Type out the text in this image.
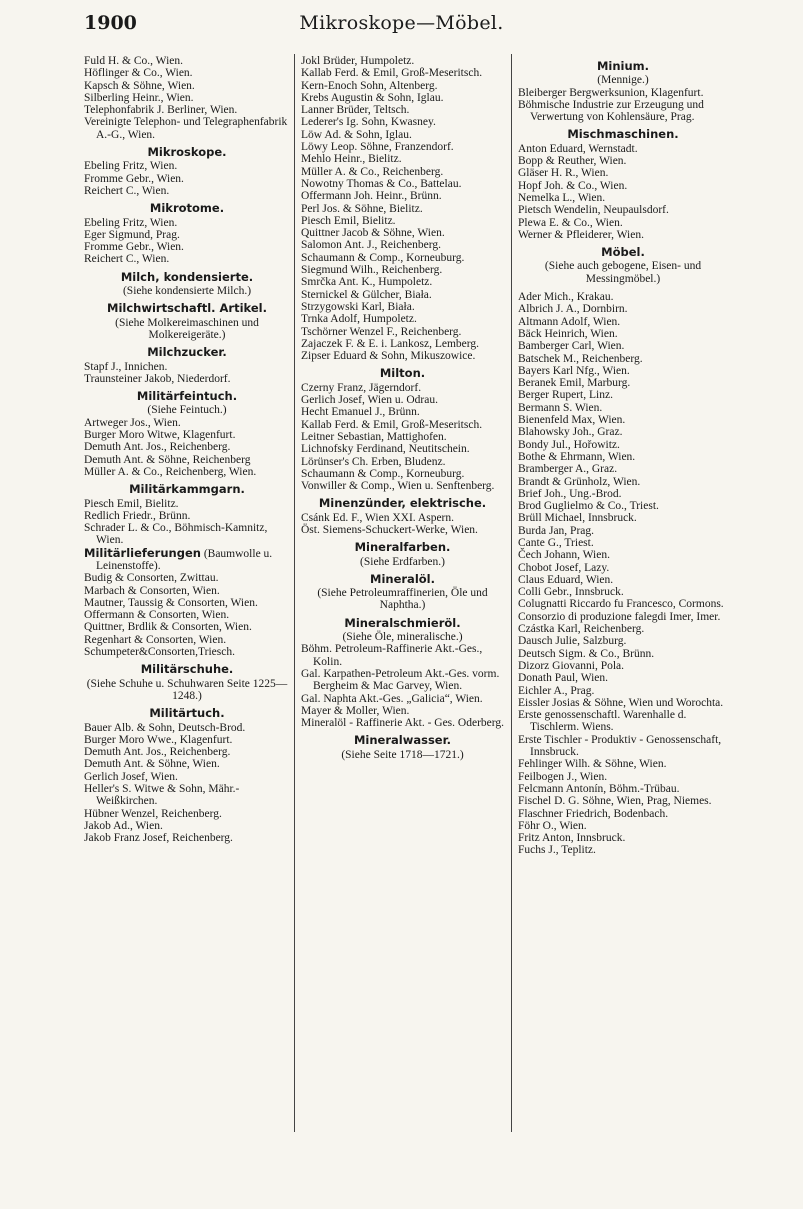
1900	Mikroskope—Möbel.
Fuld H. & Co., Wien.
Höflinger & Co., Wien.
Kapsch & Söhne, Wien.
Silberling Heinr., Wien.
Telephonfabrik J. Berliner, Wien.
Vereinigte Telephon- und Telegraphenfabrik A.-G., Wien.
Mikroskope.
Ebeling Fritz, Wien.
Fromme Gebr., Wien.
Reichert C., Wien.
Mikrotome.
Ebeling Fritz, Wien.
Eger Sigmund, Prag.
Fromme Gebr., Wien.
Reichert C., Wien.
Milch, kondensierte.
(Siehe kondensierte Milch.)
Milchwirtschaftl. Artikel.
(Siehe Molkereimaschinen und Molkereigeräte.)
Milchzucker.
Stapf J., Innichen.
Traunsteiner Jakob, Niederdorf.
Militärfeintuch.
(Siehe Feintuch.)
Artweger Jos., Wien.
Burger Moro Witwe, Klagenfurt.
Demuth Ant. Jos., Reichenberg.
Demuth Ant. & Söhne, Reichenberg
Müller A. & Co., Reichenberg, Wien.
Militärkammgarn.
Piesch Emil, Bielitz.
Redlich Friedr., Brünn.
Schrader L. & Co., Böhmisch-Kamnitz, Wien.
Militärlieferungen (Baumwolle u. Leinenstoffe).
Budig & Consorten, Zwittau.
Marbach & Consorten, Wien.
Mautner, Taussig & Consorten, Wien.
Offermann & Consorten, Wien.
Quittner, Brdlik & Consorten, Wien.
Regenhart & Consorten, Wien.
Schumpeter&Consorten,Triesch.
Militärschuhe.
(Siehe Schuhe u. Schuhwaren Seite 1225—1248.)
Militärtuch.
Bauer Alb. & Sohn, Deutsch-Brod.
Burger Moro Wwe., Klagenfurt.
Demuth Ant. Jos., Reichenberg.
Demuth Ant. & Söhne, Wien.
Gerlich Josef, Wien.
Heller's S. Witwe & Sohn, Mähr.-Weißkirchen.
Hübner Wenzel, Reichenberg.
Jakob Ad., Wien.
Jakob Franz Josef, Reichenberg.
Jokl Brüder, Humpoletz.
Kallab Ferd. & Emil, Groß-Meseritsch.
Kern-Enoch Sohn, Altenberg.
Krebs Augustin & Sohn, Iglau.
Lanner Brüder, Teltsch.
Lederer's Ig. Sohn, Kwasney.
Löw Ad. & Sohn, Iglau.
Löwy Leop. Söhne, Franzendorf.
Mehlo Heinr., Bielitz.
Müller A. & Co., Reichenberg.
Nowotny Thomas & Co., Battelau.
Offermann Joh. Heinr., Brünn.
Perl Jos. & Söhne, Bielitz.
Piesch Emil, Bielitz.
Quittner Jacob & Söhne, Wien.
Salomon Ant. J., Reichenberg.
Schaumann & Comp., Korneuburg.
Siegmund Wilh., Reichenberg.
Smrčka Ant. K., Humpoletz.
Sternickel & Gülcher, Biała.
Strzygowski Karl, Biała.
Trnka Adolf, Humpoletz.
Tschörner Wenzel F., Reichenberg.
Zajaczek F. & E. i. Lankosz, Lemberg.
Zipser Eduard & Sohn, Mikuszowice.
Milton.
Czerny Franz, Jägerndorf.
Gerlich Josef, Wien u. Odrau.
Hecht Emanuel J., Brünn.
Kallab Ferd. & Emil, Groß-Meseritsch.
Leitner Sebastian, Mattighofen.
Lichnofsky Ferdinand, Neutitschein.
Lörünser's Ch. Erben, Bludenz.
Schaumann & Comp., Korneuburg.
Vonwiller & Comp., Wien u. Senftenberg.
Minenzünder, elektrische.
Csánk Ed. F., Wien XXI. Aspern.
Öst. Siemens-Schuckert-Werke, Wien.
Mineralfarben.
(Siehe Erdfarben.)
Mineralöl.
(Siehe Petroleumraffinerien, Öle und Naphtha.)
Mineralschmieröl.
(Siehe Öle, mineralische.)
Böhm. Petroleum-Raffinerie Akt.-Ges., Kolin.
Gal. Karpathen-Petroleum Akt.-Ges. vorm. Bergheim & Mac Garvey, Wien.
Gal. Naphta Akt.-Ges. „Galicia“, Wien.
Mayer & Moller, Wien.
Mineralöl - Raffinerie Akt. - Ges. Oderberg.
Mineralwasser.
(Siehe Seite 1718—1721.)
Minium.
(Mennige.)
Bleiberger Bergwerksunion, Klagenfurt.
Böhmische Industrie zur Erzeugung und Verwertung von Kohlensäure, Prag.
Mischmaschinen.
Anton Eduard, Wernstadt.
Bopp & Reuther, Wien.
Gläser H. R., Wien.
Hopf Joh. & Co., Wien.
Nemelka L., Wien.
Pietsch Wendelin, Neupaulsdorf.
Plewa E. & Co., Wien.
Werner & Pfleiderer, Wien.
Möbel.
(Siehe auch gebogene, Eisen- und Messingmöbel.)
Ader Mich., Krakau.
Albrich J. A., Dornbirn.
Altmann Adolf, Wien.
Bäck Heinrich, Wien.
Bamberger Carl, Wien.
Batschek M., Reichenberg.
Bayers Karl Nfg., Wien.
Beranek Emil, Marburg.
Berger Rupert, Linz.
Bermann S. Wien.
Bienenfeld Max, Wien.
Blahowsky Joh., Graz.
Bondy Jul., Hořowitz.
Bothe & Ehrmann, Wien.
Bramberger A., Graz.
Brandt & Grünholz, Wien.
Brief Joh., Ung.-Brod.
Brod Guglielmo & Co., Triest.
Brüll Michael, Innsbruck.
Burda Jan, Prag.
Cante G., Triest.
Čech Johann, Wien.
Chobot Josef, Lazy.
Claus Eduard, Wien.
Colli Gebr., Innsbruck.
Colugnatti Riccardo fu Francesco, Cormons.
Consorzio di produzione falegdi Imer, Imer.
Czástka Karl, Reichenberg.
Dausch Julie, Salzburg.
Deutsch Sigm. & Co., Brünn.
Dizorz Giovanni, Pola.
Donath Paul, Wien.
Eichler A., Prag.
Eissler Josias & Söhne, Wien und Worochta.
Erste genossenschaftl. Warenhalle d. Tischlerm. Wiens.
Erste Tischler - Produktiv - Genossenschaft, Innsbruck.
Fehlinger Wilh. & Söhne, Wien.
Feilbogen J., Wien.
Felcmann Antonín, Böhm.-Trübau.
Fischel D. G. Söhne, Wien, Prag, Niemes.
Flaschner Friedrich, Bodenbach.
Föhr O., Wien.
Fritz Anton, Innsbruck.
Fuchs J., Teplitz.
